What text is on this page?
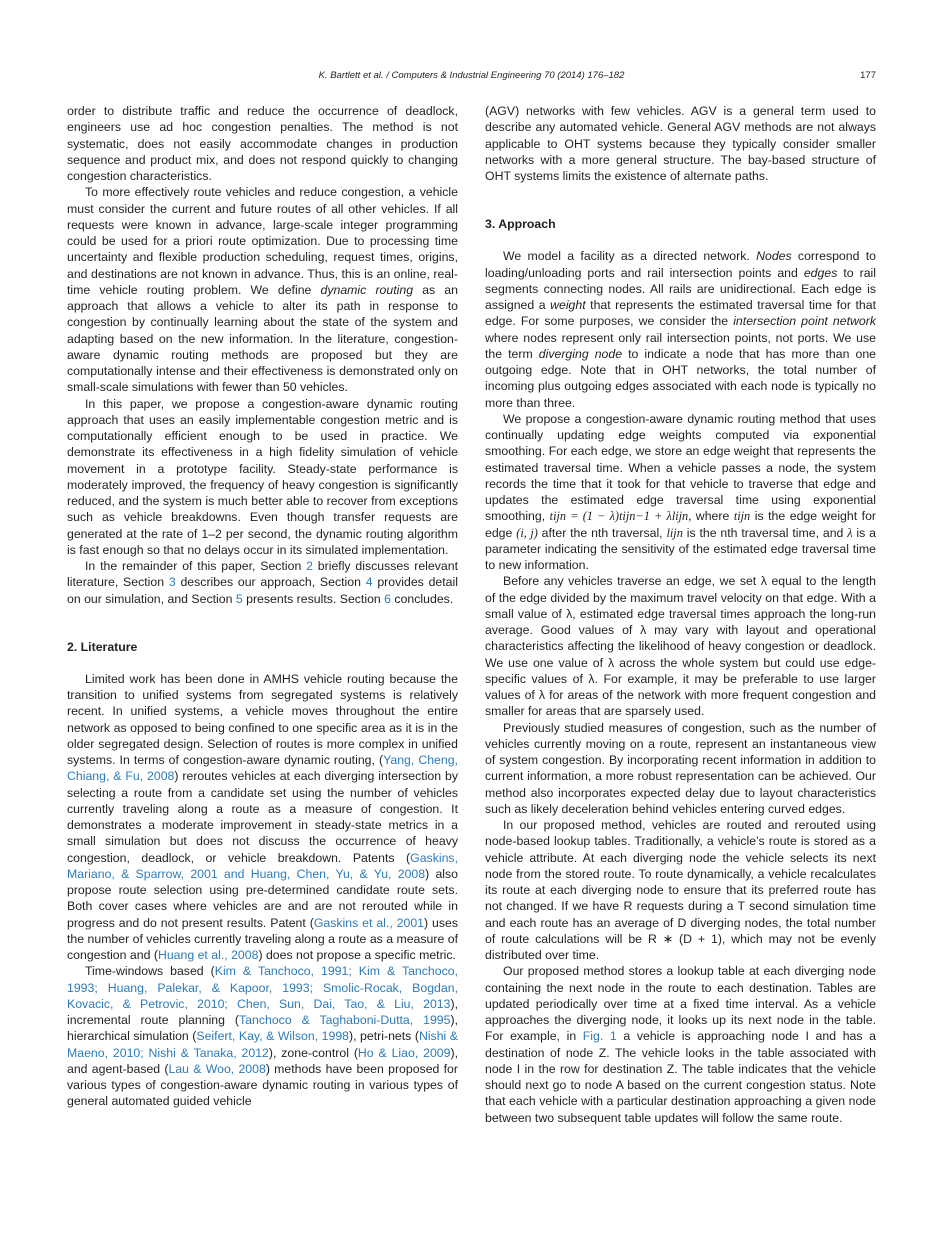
K. Bartlett et al. / Computers & Industrial Engineering 70 (2014) 176–182	177

order to distribute traffic and reduce the occurrence of deadlock, engineers use ad hoc congestion penalties. The method is not systematic, does not easily accommodate changes in production sequence and product mix, and does not respond quickly to changing congestion characteristics.

To more effectively route vehicles and reduce congestion, a vehicle must consider the current and future routes of all other vehicles. If all requests were known in advance, large-scale integer programming could be used for a priori route optimization. Due to processing time uncertainty and flexible production scheduling, request times, origins, and destinations are not known in advance. Thus, this is an online, real-time vehicle routing problem. We define dynamic routing as an approach that allows a vehicle to alter its path in response to congestion by continually learning about the state of the system and adapting based on the new information. In the literature, congestion-aware dynamic routing methods are proposed but they are computationally intense and their effectiveness is demonstrated only on small-scale simulations with fewer than 50 vehicles.

In this paper, we propose a congestion-aware dynamic routing approach that uses an easily implementable congestion metric and is computationally efficient enough to be used in practice. We demonstrate its effectiveness in a high fidelity simulation of vehicle movement in a prototype facility. Steady-state performance is moderately improved, the frequency of heavy congestion is significantly reduced, and the system is much better able to recover from exceptions such as vehicle breakdowns. Even though transfer requests are generated at the rate of 1–2 per second, the dynamic routing algorithm is fast enough so that no delays occur in its simulated implementation.

In the remainder of this paper, Section 2 briefly discusses relevant literature, Section 3 describes our approach, Section 4 provides detail on our simulation, and Section 5 presents results. Section 6 concludes.

2. Literature

Limited work has been done in AMHS vehicle routing because the transition to unified systems from segregated systems is relatively recent. In unified systems, a vehicle moves throughout the entire network as opposed to being confined to one specific area as it is in the older segregated design. Selection of routes is more complex in unified systems. In terms of congestion-aware dynamic routing, (Yang, Cheng, Chiang, & Fu, 2008) reroutes vehicles at each diverging intersection by selecting a route from a candidate set using the number of vehicles currently traveling along a route as a measure of congestion. It demonstrates a moderate improvement in steady-state metrics in a small simulation but does not discuss the occurrence of heavy congestion, deadlock, or vehicle breakdown. Patents (Gaskins, Mariano, & Sparrow, 2001 and Huang, Chen, Yu, & Yu, 2008) also propose route selection using pre-determined candidate route sets. Both cover cases where vehicles are and are not rerouted while in progress and do not present results. Patent (Gaskins et al., 2001) uses the number of vehicles currently traveling along a route as a measure of congestion and (Huang et al., 2008) does not propose a specific metric.

Time-windows based (Kim & Tanchoco, 1991; Kim & Tanchoco, 1993; Huang, Palekar, & Kapoor, 1993; Smolic-Rocak, Bogdan, Kovacic, & Petrovic, 2010; Chen, Sun, Dai, Tao, & Liu, 2013), incremental route planning (Tanchoco & Taghaboni-Dutta, 1995), hierarchical simulation (Seifert, Kay, & Wilson, 1998), petri-nets (Nishi & Maeno, 2010; Nishi & Tanaka, 2012), zone-control (Ho & Liao, 2009), and agent-based (Lau & Woo, 2008) methods have been proposed for various types of congestion-aware dynamic routing in various types of general automated guided vehicle

(AGV) networks with few vehicles. AGV is a general term used to describe any automated vehicle. General AGV methods are not always applicable to OHT systems because they typically consider smaller networks with a more general structure. The bay-based structure of OHT systems limits the existence of alternate paths.

3. Approach

We model a facility as a directed network. Nodes correspond to loading/unloading ports and rail intersection points and edges to rail segments connecting nodes. All rails are unidirectional. Each edge is assigned a weight that represents the estimated traversal time for that edge. For some purposes, we consider the intersection point network where nodes represent only rail intersection points, not ports. We use the term diverging node to indicate a node that has more than one outgoing edge. Note that in OHT networks, the total number of incoming plus outgoing edges associated with each node is typically no more than three.

We propose a congestion-aware dynamic routing method that uses continually updating edge weights computed via exponential smoothing. For each edge, we store an edge weight that represents the estimated traversal time. When a vehicle passes a node, the system records the time that it took for that vehicle to traverse that edge and updates the estimated edge traversal time using exponential smoothing, tijn = (1 − λ)tijn−1 + λlijn, where tijn is the edge weight for edge (i, j) after the nth traversal, lijn is the nth traversal time, and λ is a parameter indicating the sensitivity of the estimated edge traversal time to new information.

Before any vehicles traverse an edge, we set λ equal to the length of the edge divided by the maximum travel velocity on that edge. With a small value of λ, estimated edge traversal times approach the long-run average. Good values of λ may vary with layout and operational characteristics affecting the likelihood of heavy congestion or deadlock. We use one value of λ across the whole system but could use edge-specific values of λ. For example, it may be preferable to use larger values of λ for areas of the network with more frequent congestion and smaller for areas that are sparsely used.

Previously studied measures of congestion, such as the number of vehicles currently moving on a route, represent an instantaneous view of system congestion. By incorporating recent information in addition to current information, a more robust representation can be achieved. Our method also incorporates expected delay due to layout characteristics such as likely deceleration behind vehicles entering curved edges.

In our proposed method, vehicles are routed and rerouted using node-based lookup tables. Traditionally, a vehicle’s route is stored as a vehicle attribute. At each diverging node the vehicle selects its next node from the stored route. To route dynamically, a vehicle recalculates its route at each diverging node to ensure that its preferred route has not changed. If we have R requests during a T second simulation time and each route has an average of D diverging nodes, the total number of route calculations will be R ∗ (D + 1), which may not be evenly distributed over time.

Our proposed method stores a lookup table at each diverging node containing the next node in the route to each destination. Tables are updated periodically over time at a fixed time interval. As a vehicle approaches the diverging node, it looks up its next node in the table. For example, in Fig. 1 a vehicle is approaching node I and has a destination of node Z. The vehicle looks in the table associated with node I in the row for destination Z. The table indicates that the vehicle should next go to node A based on the current congestion status. Note that each vehicle with a particular destination approaching a given node between two subsequent table updates will follow the same route.
